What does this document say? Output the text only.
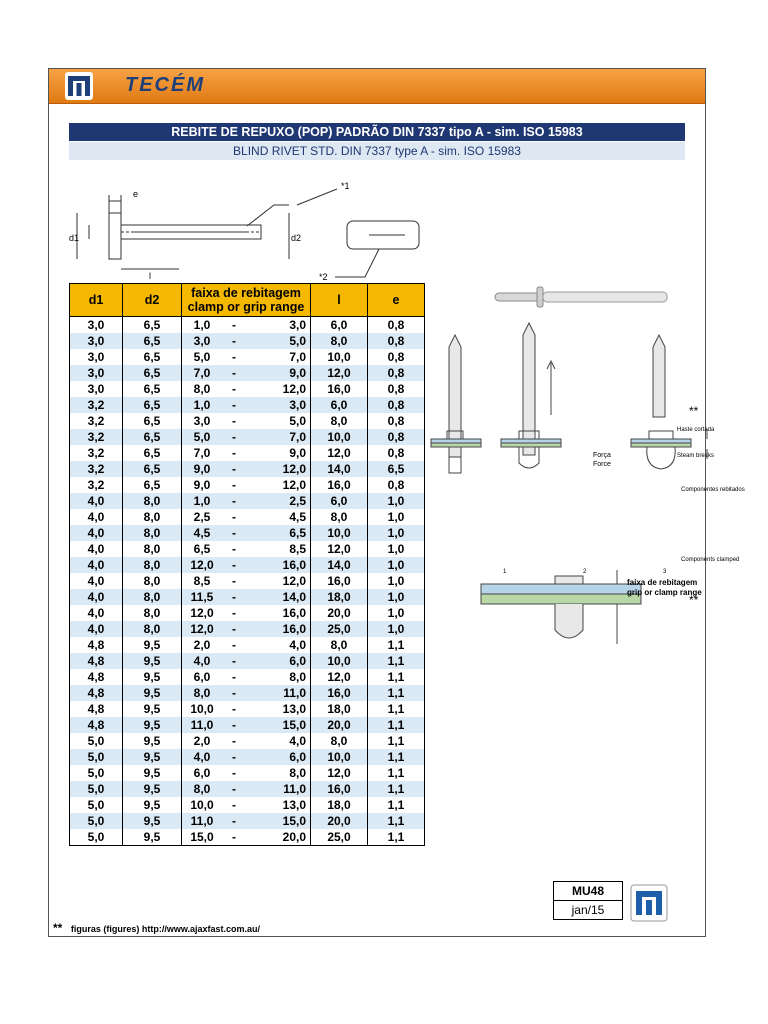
TECÉM
REBITE DE REPUXO (POP) PADRÃO DIN 7337 tipo A - sim. ISO 15983
BLIND RIVET STD. DIN 7337 type A - sim. ISO 15983
e
d1	d2
l
*1
*2
d1	d2	faixa de rebitagem
clamp or grip range	l	e
3,0	6,5	1,0 - 3,0	6,0	0,8
3,0	6,5	3,0 - 5,0	8,0	0,8
3,0	6,5	5,0 - 7,0	10,0	0,8
3,0	6,5	7,0 - 9,0	12,0	0,8
3,0	6,5	8,0 - 12,0	16,0	0,8
3,2	6,5	1,0 - 3,0	6,0	0,8
3,2	6,5	3,0 - 5,0	8,0	0,8
3,2	6,5	5,0 - 7,0	10,0	0,8
3,2	6,5	7,0 - 9,0	12,0	0,8
3,2	6,5	9,0 - 12,0	14,0	6,5
3,2	6,5	9,0 - 12,0	16,0	0,8
4,0	8,0	1,0 - 2,5	6,0	1,0
4,0	8,0	2,5 - 4,5	8,0	1,0
4,0	8,0	4,5 - 6,5	10,0	1,0
4,0	8,0	6,5 - 8,5	12,0	1,0
4,0	8,0	12,0 - 16,0	14,0	1,0
4,0	8,0	8,5 - 12,0	16,0	1,0
4,0	8,0	11,5 - 14,0	18,0	1,0
4,0	8,0	12,0 - 16,0	20,0	1,0
4,0	8,0	12,0 - 16,0	25,0	1,0
4,8	9,5	2,0 - 4,0	8,0	1,1
4,8	9,5	4,0 - 6,0	10,0	1,1
4,8	9,5	6,0 - 8,0	12,0	1,1
4,8	9,5	8,0 - 11,0	16,0	1,1
4,8	9,5	10,0 - 13,0	18,0	1,1
4,8	9,5	11,0 - 15,0	20,0	1,1
5,0	9,5	2,0 - 4,0	8,0	1,1
5,0	9,5	4,0 - 6,0	10,0	1,1
5,0	9,5	6,0 - 8,0	12,0	1,1
5,0	9,5	8,0 - 11,0	16,0	1,1
5,0	9,5	10,0 - 13,0	18,0	1,1
5,0	9,5	11,0 - 15,0	20,0	1,1
5,0	9,5	15,0 - 20,0	25,0	1,1
Força
Force
Haste cortada
Steam breaks
Componentes rebitados
Components clamped
1	2	3
**
faixa de rebitagem
grip or clamp range
**
MU48
jan/15
** figuras (figures) http://www.ajaxfast.com.au/
